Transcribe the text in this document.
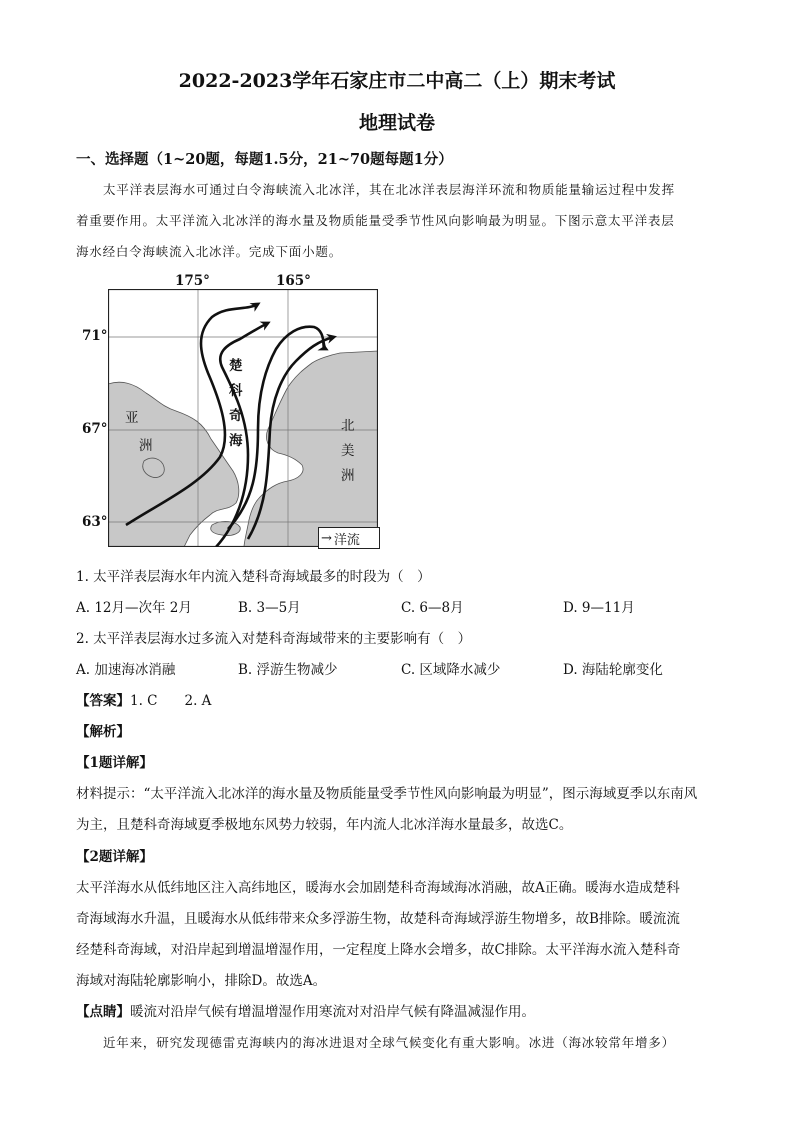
2022-2023学年石家庄市二中高二（上）期末考试
地理试卷
一、选择题（1~20题，每题1.5分，21~70题每题1分）
太平洋表层海水可通过白令海峡流入北冰洋，其在北冰洋表层海洋环流和物质能量输运过程中发挥
着重要作用。太平洋流入北冰洋的海水量及物质能量受季节性风向影响最为明显。下图示意太平洋表层
海水经白令海峡流入北冰洋。完成下面小题。
175°	165°
71°
67°
63°
亚
洲
楚
科
奇
海
北
美
洲
→ 洋流
1. 太平洋表层海水年内流入楚科奇海域最多的时段为（　）
A. 12月—次年 2月	B. 3—5月	C. 6—8月	D. 9—11月
2. 太平洋表层海水过多流入对楚科奇海域带来的主要影响有（　）
A. 加速海冰消融	B. 浮游生物减少	C. 区域降水减少	D. 海陆轮廓变化
【答案】1. C　　2. A
【解析】
【1题详解】
材料提示：“太平洋流入北冰洋的海水量及物质能量受季节性风向影响最为明显”，图示海域夏季以东南风
为主，且楚科奇海域夏季极地东风势力较弱，年内流人北冰洋海水量最多，故选C。
【2题详解】
太平洋海水从低纬地区注入高纬地区，暖海水会加剧楚科奇海域海冰消融，故A正确。暖海水造成楚科
奇海域海水升温，且暖海水从低纬带来众多浮游生物，故楚科奇海域浮游生物增多，故B排除。暖流流
经楚科奇海域，对沿岸起到增温增湿作用，一定程度上降水会增多，故C排除。太平洋海水流入楚科奇
海域对海陆轮廓影响小，排除D。故选A。
【点睛】暖流对沿岸气候有增温增湿作用寒流对对沿岸气候有降温减湿作用。
近年来，研究发现德雷克海峡内的海冰进退对全球气候变化有重大影响。冰进（海冰较常年增多）
